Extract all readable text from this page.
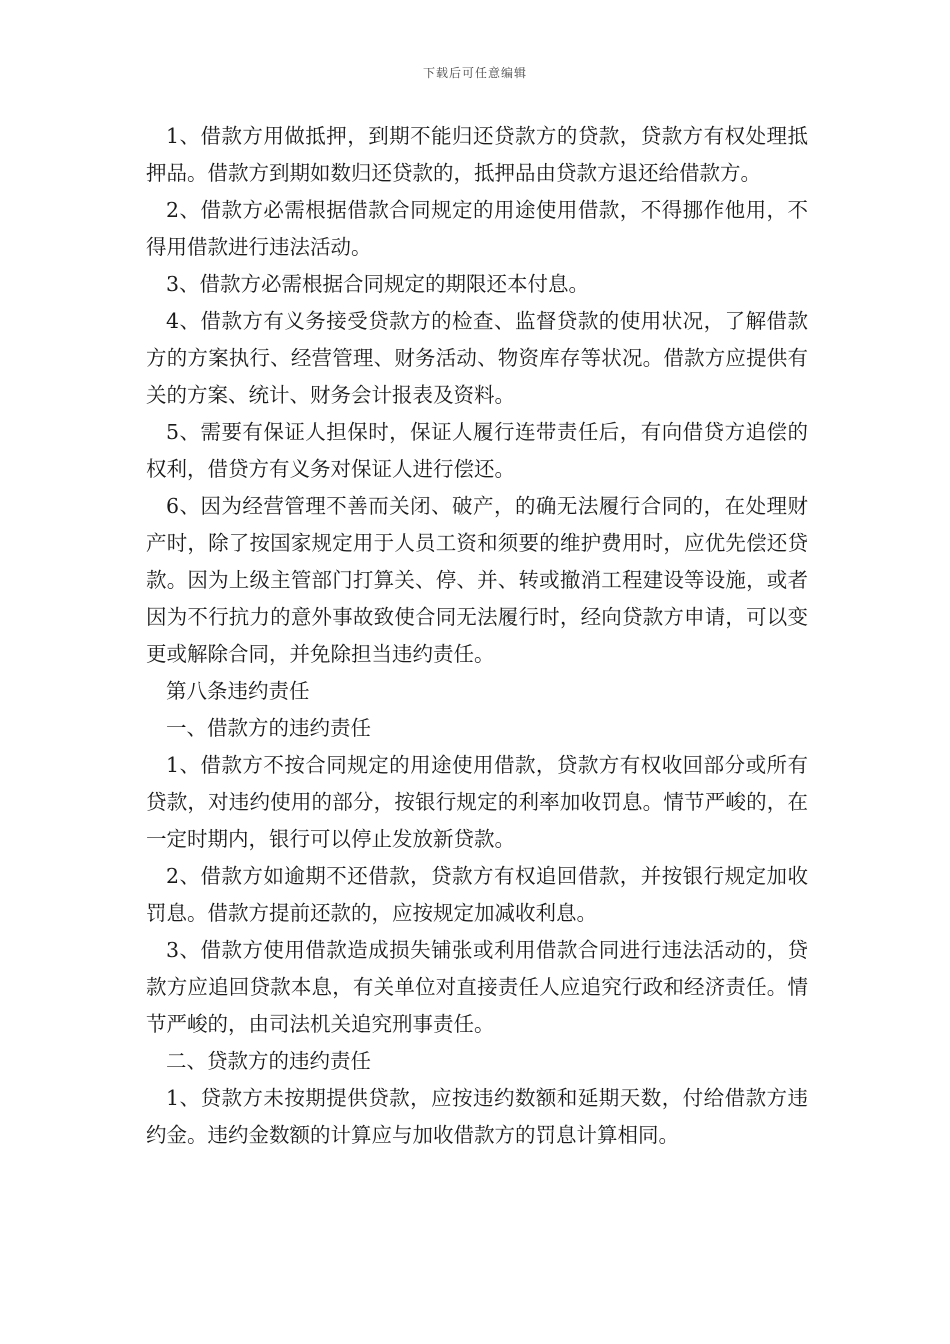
下载后可任意编辑

1、借款方用做抵押，到期不能归还贷款方的贷款，贷款方有权处理抵押品。借款方到期如数归还贷款的，抵押品由贷款方退还给借款方。

2、借款方必需根据借款合同规定的用途使用借款，不得挪作他用，不得用借款进行违法活动。

3、借款方必需根据合同规定的期限还本付息。

4、借款方有义务接受贷款方的检查、监督贷款的使用状况，了解借款方的方案执行、经营管理、财务活动、物资库存等状况。借款方应提供有关的方案、统计、财务会计报表及资料。

5、需要有保证人担保时，保证人履行连带责任后，有向借贷方追偿的权利，借贷方有义务对保证人进行偿还。

6、因为经营管理不善而关闭、破产，的确无法履行合同的，在处理财产时，除了按国家规定用于人员工资和须要的维护费用时，应优先偿还贷款。因为上级主管部门打算关、停、并、转或撤消工程建设等设施，或者因为不行抗力的意外事故致使合同无法履行时，经向贷款方申请，可以变更或解除合同，并免除担当违约责任。

第八条违约责任

一、借款方的违约责任

1、借款方不按合同规定的用途使用借款，贷款方有权收回部分或所有贷款，对违约使用的部分，按银行规定的利率加收罚息。情节严峻的，在一定时期内，银行可以停止发放新贷款。

2、借款方如逾期不还借款，贷款方有权追回借款，并按银行规定加收罚息。借款方提前还款的，应按规定加减收利息。

3、借款方使用借款造成损失铺张或利用借款合同进行违法活动的，贷款方应追回贷款本息，有关单位对直接责任人应追究行政和经济责任。情节严峻的，由司法机关追究刑事责任。

二、贷款方的违约责任

1、贷款方未按期提供贷款，应按违约数额和延期天数，付给借款方违约金。违约金数额的计算应与加收借款方的罚息计算相同。
